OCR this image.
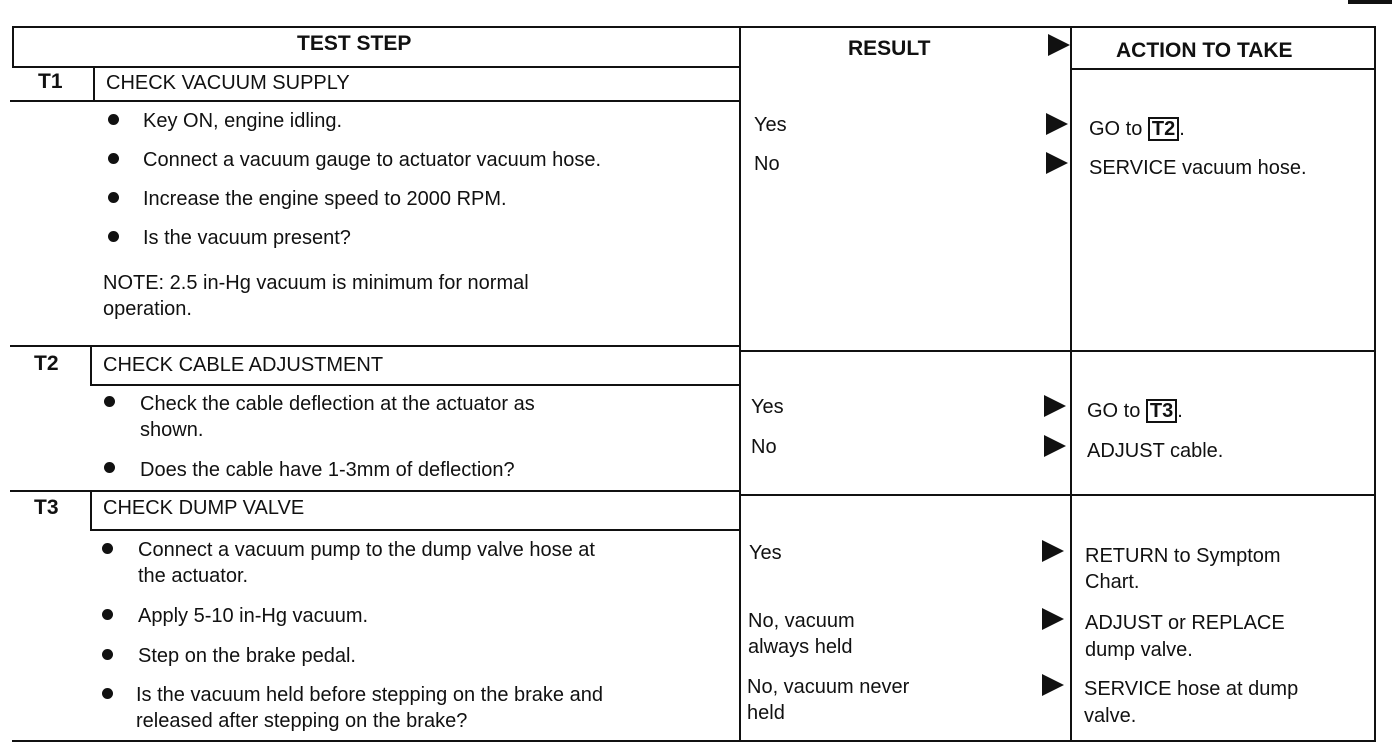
TEST STEP	RESULT	ACTION TO TAKE
T1 CHECK VACUUM SUPPLY
Key ON, engine idling.
Connect a vacuum gauge to actuator vacuum hose.
Increase the engine speed to 2000 RPM.
Is the vacuum present?
NOTE: 2.5 in-Hg vacuum is minimum for normal
operation.
Yes
No
GO to T2 .
SERVICE vacuum hose.
T2 CHECK CABLE ADJUSTMENT
Check the cable deflection at the actuator as
shown.
Does the cable have 1-3mm of deflection?
Yes
No
GO to T3 .
ADJUST cable.
T3 CHECK DUMP VALVE
Connect a vacuum pump to the dump valve hose at
the actuator.
Apply 5-10 in-Hg vacuum.
Step on the brake pedal.
Is the vacuum held before stepping on the brake and
released after stepping on the brake?
Yes
No, vacuum
always held
No, vacuum never
held
RETURN to Symptom
Chart.
ADJUST or REPLACE
dump valve.
SERVICE hose at dump
valve.
